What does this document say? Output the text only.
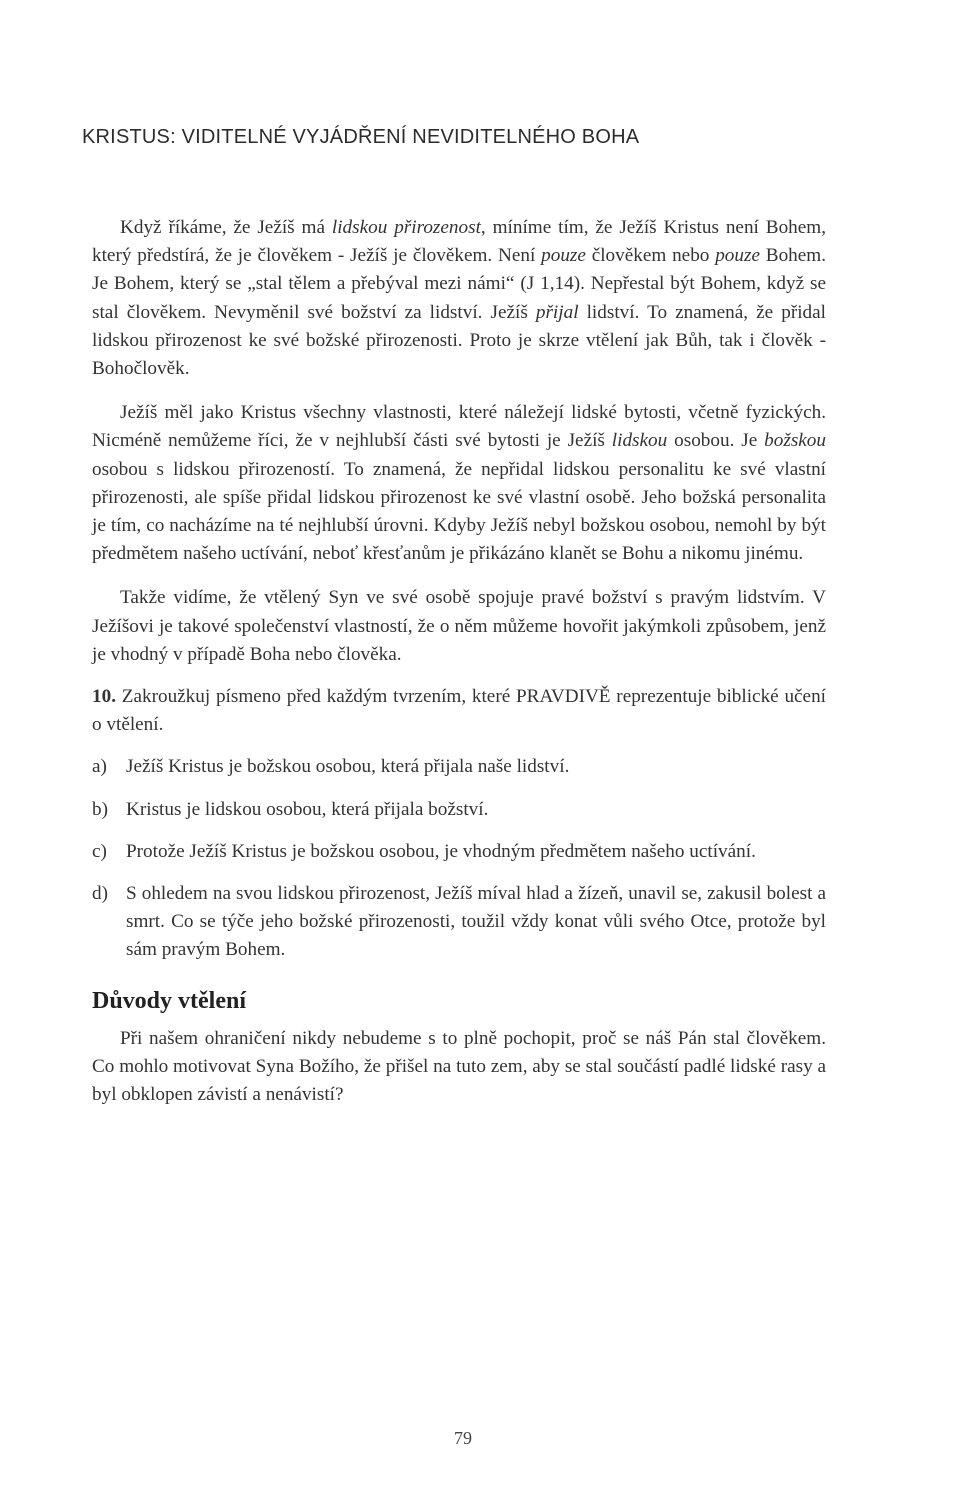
KRISTUS: VIDITELNÉ VYJÁDŘENÍ NEVIDITELNÉHO BOHA

Když říkáme, že Ježíš má lidskou přirozenost, míníme tím, že Ježíš Kristus není Bohem, který předstírá, že je člověkem - Ježíš je člověkem. Není pouze člověkem nebo pouze Bohem. Je Bohem, který se „stal tělem a přebýval mezi námi“ (J 1,14). Nepřestal být Bohem, když se stal člověkem. Nevyměnil své božství za lidství. Ježíš přijal lidství. To znamená, že přidal lidskou přirozenost ke své božské přirozenosti. Proto je skrze vtělení jak Bůh, tak i člověk - Bohočlověk.

Ježíš měl jako Kristus všechny vlastnosti, které náležejí lidské bytosti, včetně fyzických. Nicméně nemůžeme říci, že v nejhlubší části své bytosti je Ježíš lidskou osobou. Je božskou osobou s lidskou přirozeností. To znamená, že nepřidal lidskou personalitu ke své vlastní přirozenosti, ale spíše přidal lidskou přirozenost ke své vlastní osobě. Jeho božská personalita je tím, co nacházíme na té nejhlubší úrovni. Kdyby Ježíš nebyl božskou osobou, nemohl by být předmětem našeho uctívání, neboť křesťanům je přikázáno klanět se Bohu a nikomu jinému.

Takže vidíme, že vtělený Syn ve své osobě spojuje pravé božství s pravým lidstvím. V Ježíšovi je takové společenství vlastností, že o něm můžeme hovořit jakýmkoli způsobem, jenž je vhodný v případě Boha nebo člověka.

10. Zakroužkuj písmeno před každým tvrzením, které PRAVDIVĚ reprezentuje biblické učení o vtělení.

a) Ježíš Kristus je božskou osobou, která přijala naše lidství.

b) Kristus je lidskou osobou, která přijala božství.

c) Protože Ježíš Kristus je božskou osobou, je vhodným předmětem našeho uctívání.

d) S ohledem na svou lidskou přirozenost, Ježíš míval hlad a žízeň, unavil se, zakusil bolest a smrt. Co se týče jeho božské přirozenosti, toužil vždy konat vůli svého Otce, protože byl sám pravým Bohem.

Důvody vtělení

Při našem ohraničení nikdy nebudeme s to plně pochopit, proč se náš Pán stal člověkem. Co mohlo motivovat Syna Božího, že přišel na tuto zem, aby se stal součástí padlé lidské rasy a byl obklopen závistí a nenávistí?

79
